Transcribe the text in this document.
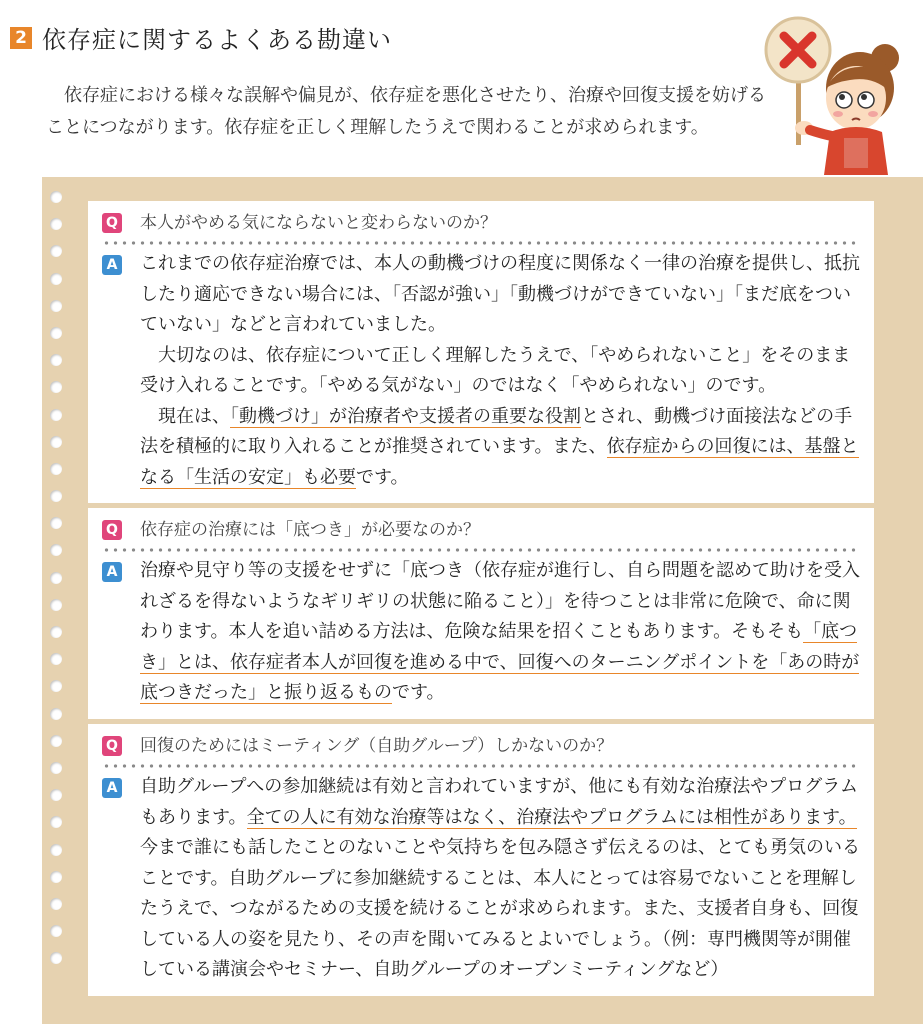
2 依存症に関するよくある勘違い
依存症における様々な誤解や偏見が、依存症を悪化させたり、治療や回復支援を妨げることにつながります。依存症を正しく理解したうえで関わることが求められます。
Q 本人がやめる気にならないと変わらないのか？
A これまでの依存症治療では、本人の動機づけの程度に関係なく一律の治療を提供し、抵抗したり適応できない場合には、「否認が強い」「動機づけができていない」「まだ底をついていない」などと言われていました。

大切なのは、依存症について正しく理解したうえで、「やめられないこと」をそのまま受け入れることです。「やめる気がない」のではなく「やめられない」のです。

現在は、「動機づけ」が治療者や支援者の重要な役割とされ、動機づけ面接法などの手法を積極的に取り入れることが推奨されています。また、依存症からの回復には、基盤となる「生活の安定」も必要です。

Q 依存症の治療には「底つき」が必要なのか？
A 治療や見守り等の支援をせずに「底つき（依存症が進行し、自ら問題を認めて助けを受入れざるを得ないようなギリギリの状態に陥ること）」を待つことは非常に危険で、命に関わります。本人を追い詰める方法は、危険な結果を招くこともあります。そもそも「底つき」とは、依存症者本人が回復を進める中で、回復へのターニングポイントを「あの時が底つきだった」と振り返るものです。

Q 回復のためにはミーティング（自助グループ）しかないのか？
A 自助グループへの参加継続は有効と言われていますが、他にも有効な治療法やプログラムもあります。全ての人に有効な治療等はなく、治療法やプログラムには相性があります。今まで誰にも話したことのないことや気持ちを包み隠さず伝えるのは、とても勇気のいることです。自助グループに参加継続することは、本人にとっては容易でないことを理解したうえで、つながるための支援を続けることが求められます。また、支援者自身も、回復している人の姿を見たり、その声を聞いてみるとよいでしょう。（例：専門機関等が開催している講演会やセミナー、自助グループのオープンミーティングなど）
